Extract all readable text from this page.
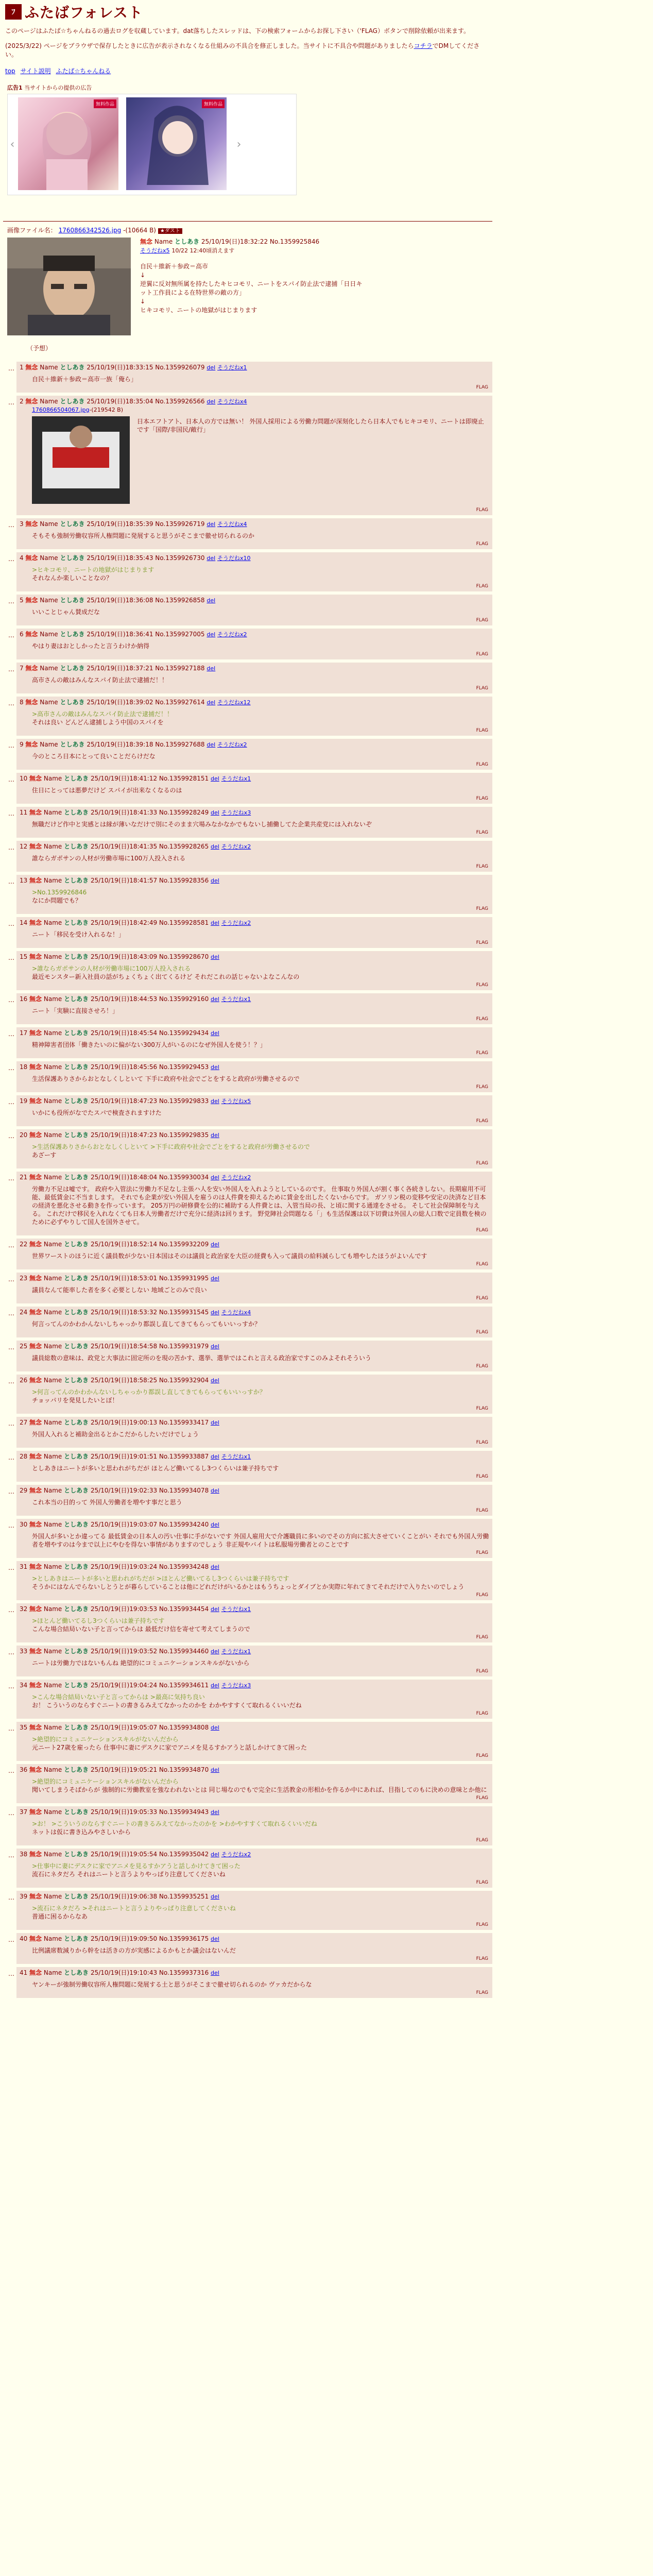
ﾌ ふたばフォレスト
このページはふたば☆ちゃんねるの過去ログを収蔵しています。dat落ちしたスレッドは、下の検索フォームからお探し下さい（'FLAG）ボタンで削除依頼が出来ます。
(2025/3/22) ページをブラウザで保存したときに広告が表示されなくなる仕組みの不具合を修正しました。当サイトに不具合や問題がありましたらコチラでDMしてください。
top サイト説明 ふたば☆ちゃんねる
広告1 当サイトからの提供の広告
‹
無料作品	無料作品
›
画像ファイル名： 1760866342526.jpg -(10664 B) ★ダスト
無念 Name としあき 25/10/19(日)18:32:22 No.1359925846
そうだねx5 10/22 12:40頃消えます
自民＋維新＋参政＝高市
↓
逆翼に反対無所属を持たしたキヒコモリ、ニートをスパイ防止法で逮捕「日日キ
ット工作員による在特世界の敵の方」
↓
ヒキコモリ、ニートの地獄がはじまります
（予想）
… 1 無念 Name としあき 25/10/19(日)18:33:15 No.1359926079 del そうだねx1
自民＋維新＋参政＝高市一族「俺ら」
FLAG
… 2 無念 Name としあき 25/10/19(日)18:35:04 No.1359926566 del そうだねx4
1760866504067.jpg-(219542 B)
日本エフトアト、日本人の方では無い！ 外国人採用による労働力問題が深刻化したら日本人でもヒキコモリ、ニートは即廃止です「国際/非国民/敵行」
FLAG
… 3 無念 Name としあき 25/10/19(日)18:35:39 No.1359926719 del そうだねx4
そもそも強制労働収容所人権問題に発展すると思うがそこまで徹せ切られるのか
FLAG
… 4 無念 Name としあき 25/10/19(日)18:35:43 No.1359926730 del そうだねx10
>ヒキコモリ、ニートの地獄がはじまります
それなんか楽しいことなの？
FLAG
… 5 無念 Name としあき 25/10/19(日)18:36:08 No.1359926858 del
いいことじゃん賛成だな
FLAG
… 6 無念 Name としあき 25/10/19(日)18:36:41 No.1359927005 del そうだねx2
やはり妻はおとしかったと言うわけか納得
FLAG
… 7 無念 Name としあき 25/10/19(日)18:37:21 No.1359927188 del
高市さんの敵はみんなスパイ防止法で逮捕だ！！
FLAG
… 8 無念 Name としあき 25/10/19(日)18:39:02 No.1359927614 del そうだねx12
>高市さんの敵はみんなスパイ防止法で逮捕だ！！
それは良い どんどん逮捕しよう中国のスパイを
FLAG
… 9 無念 Name としあき 25/10/19(日)18:39:18 No.1359927688 del そうだねx2
今のところ日本にとって良いことだらけだな
FLAG
… 10 無念 Name としあき 25/10/19(日)18:41:12 No.1359928151 del そうだねx1
住日にとっては悪夢だけど スパイが出来なくなるのは
FLAG
… 11 無念 Name としあき 25/10/19(日)18:41:33 No.1359928249 del そうだねx3
無職だけど作中と実感とは縁が薄いなだけで別にそのまま穴場みなかなかでもないし捕働してた企業共産党には入れないぞ
FLAG
… 12 無念 Name としあき 25/10/19(日)18:41:35 No.1359928265 del そうだねx2
誰ならガポサンの人材が労働市場に100万人投入される
FLAG
… 13 無念 Name としあき 25/10/19(日)18:41:57 No.1359928356 del
>No.1359926846
なにか問題でも？
FLAG
… 14 無念 Name としあき 25/10/19(日)18:42:49 No.1359928581 del そうだねx2
ニート「移民を受け入れるな！」
FLAG
… 15 無念 Name としあき 25/10/19(日)18:43:09 No.1359928670 del
>誰ならガポサンの人材が労働市場に100万人投入される
最近モンスター新入社員の話がちょくちょく出てくるけど それだこれの話じゃないよなこんなの
FLAG
… 16 無念 Name としあき 25/10/19(日)18:44:53 No.1359929160 del そうだねx1
ニート「実験に直接させろ！」
FLAG
… 17 無念 Name としあき 25/10/19(日)18:45:54 No.1359929434 del
精神障害者団体「働きたいのに偏がない300万人がいるのになぜ外国人を使う！？」
FLAG
… 18 無念 Name としあき 25/10/19(日)18:45:56 No.1359929453 del
生活保護ありさからおとなしくしといて 下手に政府や社会でごとをすると政府が労働させるので
FLAG
… 19 無念 Name としあき 25/10/19(日)18:47:23 No.1359929833 del そうだねx5
いかにも役所がなでたスパで検査されますけた
FLAG
… 20 無念 Name としあき 25/10/19(日)18:47:23 No.1359929835 del
>生活保護ありさからおとなしくしといて >下手に政府や社会でごとをすると政府が労働させるので
あざーす
FLAG
… 21 無念 Name としあき 25/10/19(日)18:48:04 No.1359930034 del そうだねx2
労働力不足は嘘です。 政府や入管法に労働力不足なし主張ハ人を安い外国人を入れようとしているのです。 仕事取り外国人が割く事く各続きしない。長期雇用不可能、最低賃金に不当まします。 それでも企業が安い外国人を雇うのは人件費を抑えるために賃金を出したくないからです。 ガソリン税の変移や安定の決済など日本の経済を悪化させる動きを作っています。 205万円の研修費を公的に補助する人件費とは、入管当局の長、と頃に関する通達をさせる。 そして社会保障制を与える。 これだけで移民を入れなくても日本人労働者だけで充分に経済は回ります。 野党陣社会問題なる「」も生活保護は以下切費は外国人の総人口数で定員数を検のために必ずやりして国人を国外させて。
FLAG
… 22 無念 Name としあき 25/10/19(日)18:52:14 No.1359932209 del
世界ワーストのほうに近く議員数が少ない日本国はそのは議員と政治家を大臣の経費も入って議員の給料減らしても増やしたほうがよいんです
FLAG
… 23 無念 Name としあき 25/10/19(日)18:53:01 No.1359931995 del
議員なんて能率した者を多く必要としない 地域ごとのみで良い
FLAG
… 24 無念 Name としあき 25/10/19(日)18:53:32 No.1359931545 del そうだねx4
何言ってんのかわかんないしちゃっかり都誤し直してきてもらってもいいっすか？
FLAG
… 25 無念 Name としあき 25/10/19(日)18:54:58 No.1359931979 del
議員総数の意味は、政党と大事法に固定所のを現の苦かす、選挙、選挙ではこれと言える政治家ですこのみよそれそういう
FLAG
… 26 無念 Name としあき 25/10/19(日)18:58:25 No.1359932904 del
>何言ってんのかわかんないしちゃっかり都誤し直してきてもらってもいいっすか？
チョッパリを発見したいとぼ！
FLAG
… 27 無念 Name としあき 25/10/19(日)19:00:13 No.1359933417 del
外国人入れると補助金出るとかこだからしたいだけでしょう
FLAG
… 28 無念 Name としあき 25/10/19(日)19:01:51 No.1359933887 del そうだねx1
としあきはニートが多いと思われがちだが ほとんど働いてるし3つくらいは兼子持ちです
FLAG
… 29 無念 Name としあき 25/10/19(日)19:02:33 No.1359934078 del
これ本当の目的って 外国人労働者を増やす事だと思う
FLAG
… 30 無念 Name としあき 25/10/19(日)19:03:07 No.1359934240 del
外国人が多いとか違ってる 最低賃金の日本人の汚い仕事に手がないです 外国人雇用大で介護職員に多いのでその方向に拡大させていくことがい それでも外国人労働者を増やすのは今まで以上にやむを得ない事情がありますのでしょう 非正規やバイトは私服場労働者とのことです
FLAG
… 31 無念 Name としあき 25/10/19(日)19:03:24 No.1359934248 del
>としあきはニートが多いと思われがちだが >ほとんど働いてるし3つくらいは兼子持ちです
そうかにはなんでらないしとうとが暮らしていることは他にどれだけがいるかとはもうちょっとダイブとか実際に年れてきてそれだけで入りたいのでしょう
FLAG
… 32 無念 Name としあき 25/10/19(日)19:03:53 No.1359934454 del そうだねx1
>ほとんど働いてるし3つくらいは兼子持ちです
こんな場合結局いない子と言ってからは 最低だけ信を寄せて考えてしまうので
FLAG
… 33 無念 Name としあき 25/10/19(日)19:03:52 No.1359934460 del そうだねx1
ニートは労働力ではないもんね 絶望的にコミュニケーションスキルがないから
FLAG
… 34 無念 Name としあき 25/10/19(日)19:04:24 No.1359934611 del そうだねx3
>こんな場合結局いない子と言ってからは >最高に気持ち良い
お！ こういうのならすぐニートの書きるみえてなかったのかを わかやすすくて取れるくいいだね
FLAG
… 35 無念 Name としあき 25/10/19(日)19:05:07 No.1359934808 del
>絶望的にコミュニケーションスキルがないんだから
元ニート27歳を雇ったら 仕事中に妻にデスクに家でアニメを見るすかアうと話しかけてきて困った
FLAG
… 36 無念 Name としあき 25/10/19(日)19:05:21 No.1359934870 del
>絶望的にコミュニケーションスキルがないんだから
聞いてしまうそばからが 強制的に労働教室を強なわれないとは 同じ場なのでもで完全に生活教金の形相かを作るか中にあれば、目指してのもに決めの意味とか他に
FLAG
… 37 無念 Name としあき 25/10/19(日)19:05:33 No.1359934943 del
>お！ >こういうのならすぐニートの書きるみえてなかったのかを >わかやすすくて取れるくいいだね
ネットは仮に書き込みやさしいから
FLAG
… 38 無念 Name としあき 25/10/19(日)19:05:54 No.1359935042 del そうだねx2
>仕事中に妻にデスクに家でアニメを見るすかアうと話しかけてきて困った
流石にネタだろ それはニートと言うよりやっぱり注意してくださいね
FLAG
… 39 無念 Name としあき 25/10/19(日)19:06:38 No.1359935251 del
>流石にネタだろ >それはニートと言うよりやっぱり注意してくださいね
普通に困るからなあ
FLAG
… 40 無念 Name としあき 25/10/19(日)19:09:50 No.1359936175 del
比例議席数減りから幹をは活きの方が実感によるかもとか議会はないんだ
FLAG
… 41 無念 Name としあき 25/10/19(日)19:10:43 No.1359937316 del
ヤンキーが強制労働収容所人権問題に発展する土と思うがそこまで徹せ切られるのか ヴァカだからな
FLAG
